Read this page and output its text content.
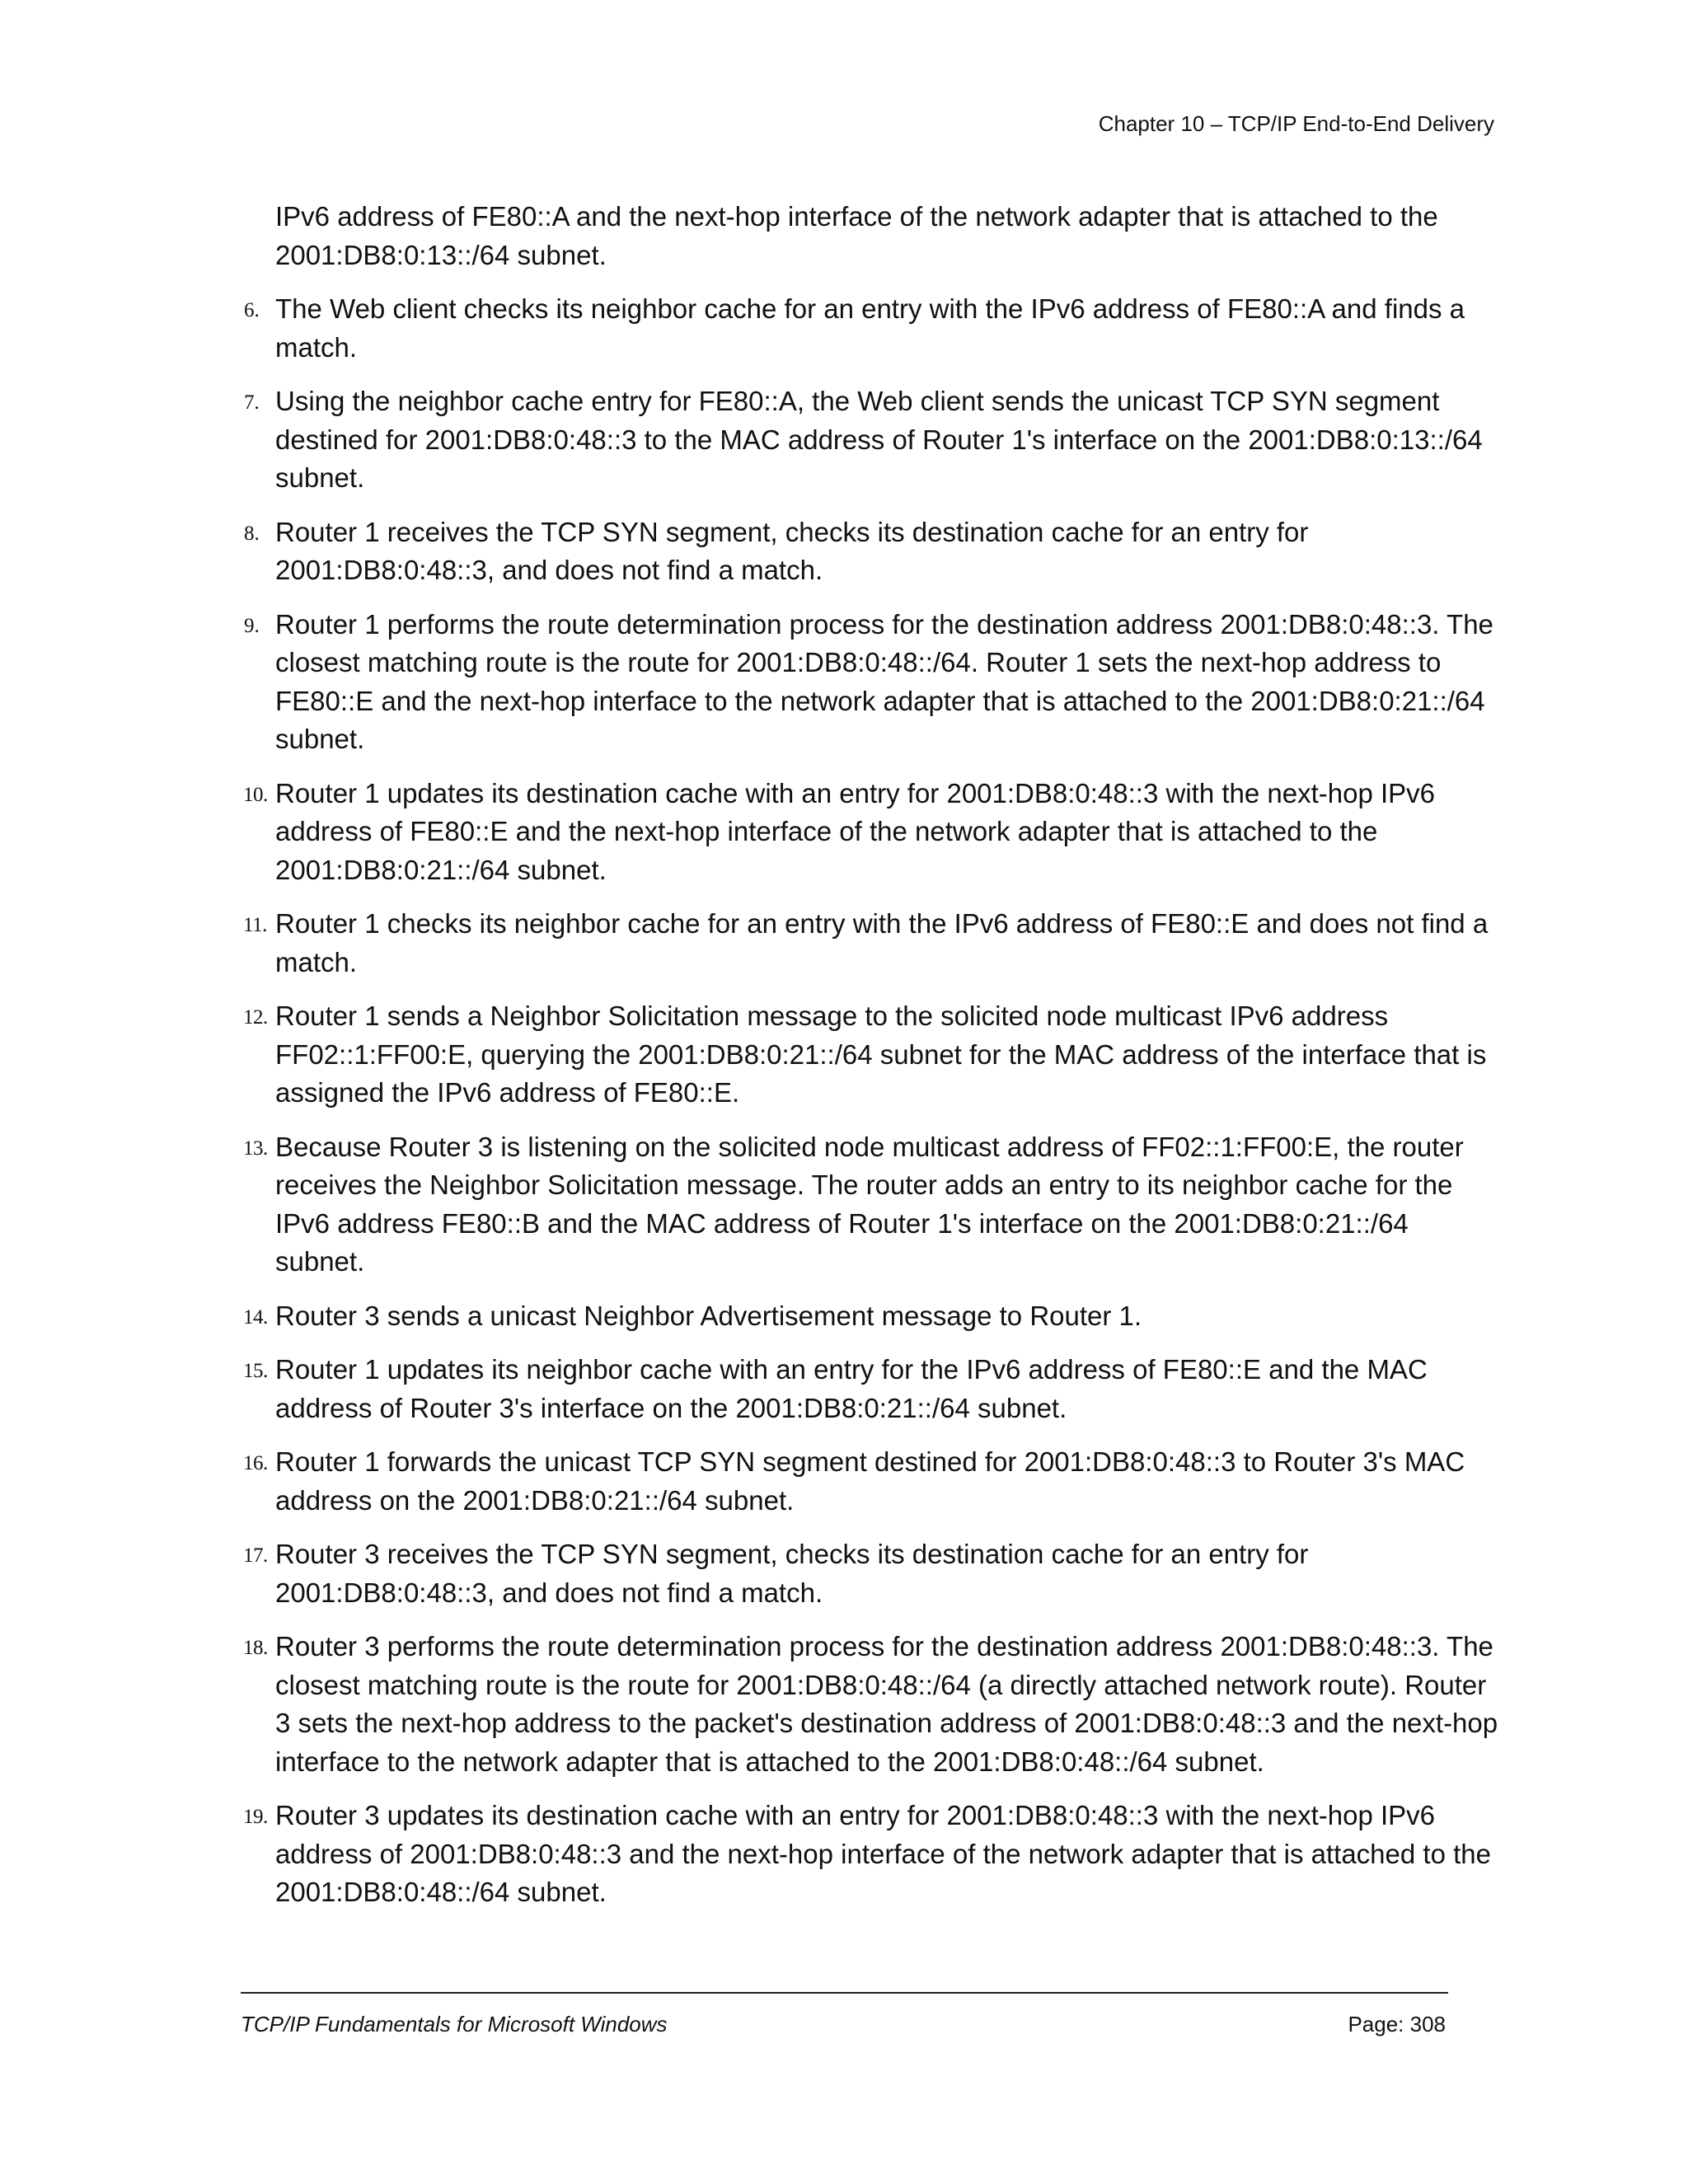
Chapter 10 – TCP/IP End-to-End Delivery

IPv6 address of FE80::A and the next-hop interface of the network adapter that is attached to the 2001:DB8:0:13::/64 subnet.

6. The Web client checks its neighbor cache for an entry with the IPv6 address of FE80::A and finds a match.
7. Using the neighbor cache entry for FE80::A, the Web client sends the unicast TCP SYN segment destined for 2001:DB8:0:48::3 to the MAC address of Router 1's interface on the 2001:DB8:0:13::/64 subnet.
8. Router 1 receives the TCP SYN segment, checks its destination cache for an entry for 2001:DB8:0:48::3, and does not find a match.
9. Router 1 performs the route determination process for the destination address 2001:DB8:0:48::3. The closest matching route is the route for 2001:DB8:0:48::/64. Router 1 sets the next-hop address to FE80::E and the next-hop interface to the network adapter that is attached to the 2001:DB8:0:21::/64 subnet.
10. Router 1 updates its destination cache with an entry for 2001:DB8:0:48::3 with the next-hop IPv6 address of FE80::E and the next-hop interface of the network adapter that is attached to the 2001:DB8:0:21::/64 subnet.
11. Router 1 checks its neighbor cache for an entry with the IPv6 address of FE80::E and does not find a match.
12. Router 1 sends a Neighbor Solicitation message to the solicited node multicast IPv6 address FF02::1:FF00:E, querying the 2001:DB8:0:21::/64 subnet for the MAC address of the interface that is assigned the IPv6 address of FE80::E.
13. Because Router 3 is listening on the solicited node multicast address of FF02::1:FF00:E, the router receives the Neighbor Solicitation message. The router adds an entry to its neighbor cache for the IPv6 address FE80::B and the MAC address of Router 1's interface on the 2001:DB8:0:21::/64 subnet.
14. Router 3 sends a unicast Neighbor Advertisement message to Router 1.
15. Router 1 updates its neighbor cache with an entry for the IPv6 address of FE80::E and the MAC address of Router 3's interface on the 2001:DB8:0:21::/64 subnet.
16. Router 1 forwards the unicast TCP SYN segment destined for 2001:DB8:0:48::3 to Router 3's MAC address on the 2001:DB8:0:21::/64 subnet.
17. Router 3 receives the TCP SYN segment, checks its destination cache for an entry for 2001:DB8:0:48::3, and does not find a match.
18. Router 3 performs the route determination process for the destination address 2001:DB8:0:48::3. The closest matching route is the route for 2001:DB8:0:48::/64 (a directly attached network route). Router 3 sets the next-hop address to the packet's destination address of 2001:DB8:0:48::3 and the next-hop interface to the network adapter that is attached to the 2001:DB8:0:48::/64 subnet.
19. Router 3 updates its destination cache with an entry for 2001:DB8:0:48::3 with the next-hop IPv6 address of 2001:DB8:0:48::3 and the next-hop interface of the network adapter that is attached to the 2001:DB8:0:48::/64 subnet.
TCP/IP Fundamentals for Microsoft Windows	Page: 308
